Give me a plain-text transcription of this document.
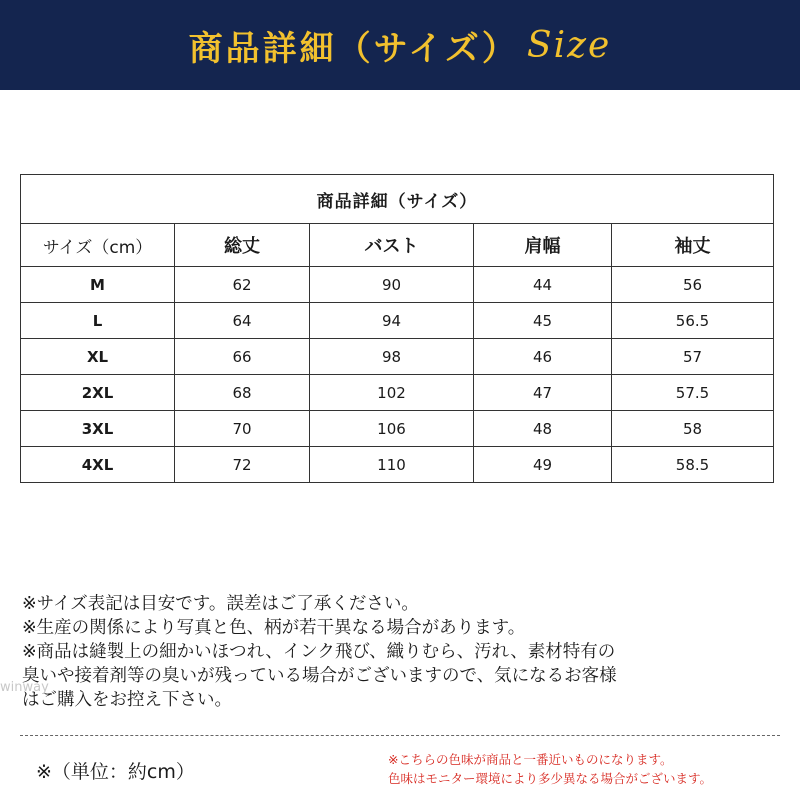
商品詳細（サイズ） Size
商品詳細（サイズ）				
サイズ（cm）	総丈	バスト	肩幅	袖丈
M	62	90	44	56
L	64	94	45	56.5
XL	66	98	46	57
2XL	68	102	47	57.5
3XL	70	106	48	58
4XL	72	110	49	58.5
※サイズ表記は目安です。誤差はご了承ください。
※生産の関係により写真と色、柄が若干異なる場合があります。
※商品は縫製上の細かいほつれ、インク飛び、織りむら、汚れ、素材特有の
臭いや接着剤等の臭いが残っている場合がございますので、気になるお客様
はご購入をお控え下さい。
winway
※（単位：約cm）
※こちらの色味が商品と一番近いものになります。
色味はモニター環境により多少異なる場合がございます。
